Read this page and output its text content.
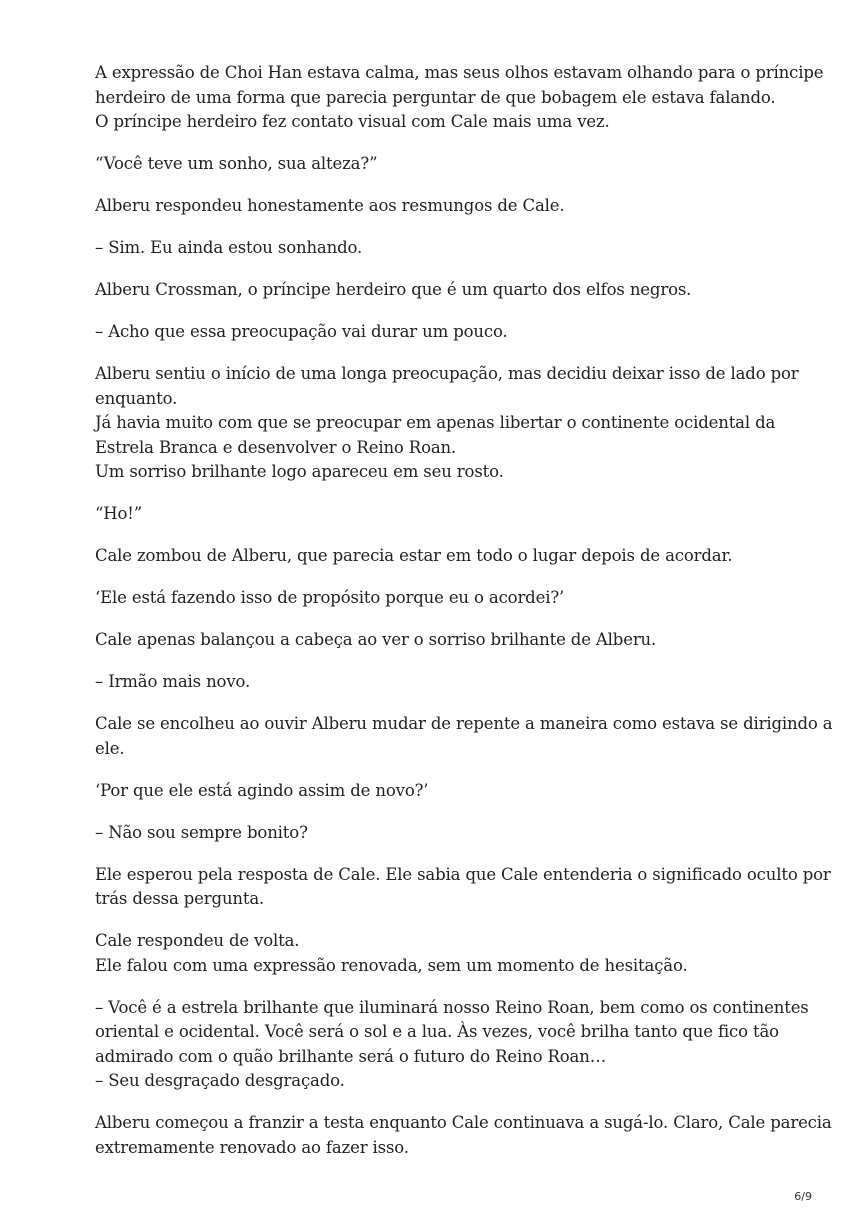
A expressão de Choi Han estava calma, mas seus olhos estavam olhando para o príncipe
herdeiro de uma forma que parecia perguntar de que bobagem ele estava falando.
O príncipe herdeiro fez contato visual com Cale mais uma vez.

“Você teve um sonho, sua alteza?”

Alberu respondeu honestamente aos resmungos de Cale.

– Sim. Eu ainda estou sonhando.

Alberu Crossman, o príncipe herdeiro que é um quarto dos elfos negros.

– Acho que essa preocupação vai durar um pouco.

Alberu sentiu o início de uma longa preocupação, mas decidiu deixar isso de lado por
enquanto.
Já havia muito com que se preocupar em apenas libertar o continente ocidental da
Estrela Branca e desenvolver o Reino Roan.
Um sorriso brilhante logo apareceu em seu rosto.

“Ho!”

Cale zombou de Alberu, que parecia estar em todo o lugar depois de acordar.

‘Ele está fazendo isso de propósito porque eu o acordei?’

Cale apenas balançou a cabeça ao ver o sorriso brilhante de Alberu.

– Irmão mais novo.

Cale se encolheu ao ouvir Alberu mudar de repente a maneira como estava se dirigindo a
ele.

‘Por que ele está agindo assim de novo?’

– Não sou sempre bonito?

Ele esperou pela resposta de Cale. Ele sabia que Cale entenderia o significado oculto por
trás dessa pergunta.

Cale respondeu de volta.
Ele falou com uma expressão renovada, sem um momento de hesitação.

– Você é a estrela brilhante que iluminará nosso Reino Roan, bem como os continentes
oriental e ocidental. Você será o sol e a lua. Às vezes, você brilha tanto que fico tão
admirado com o quão brilhante será o futuro do Reino Roan…
– Seu desgraçado desgraçado.

Alberu começou a franzir a testa enquanto Cale continuava a sugá-lo. Claro, Cale parecia
extremamente renovado ao fazer isso.

6/9
